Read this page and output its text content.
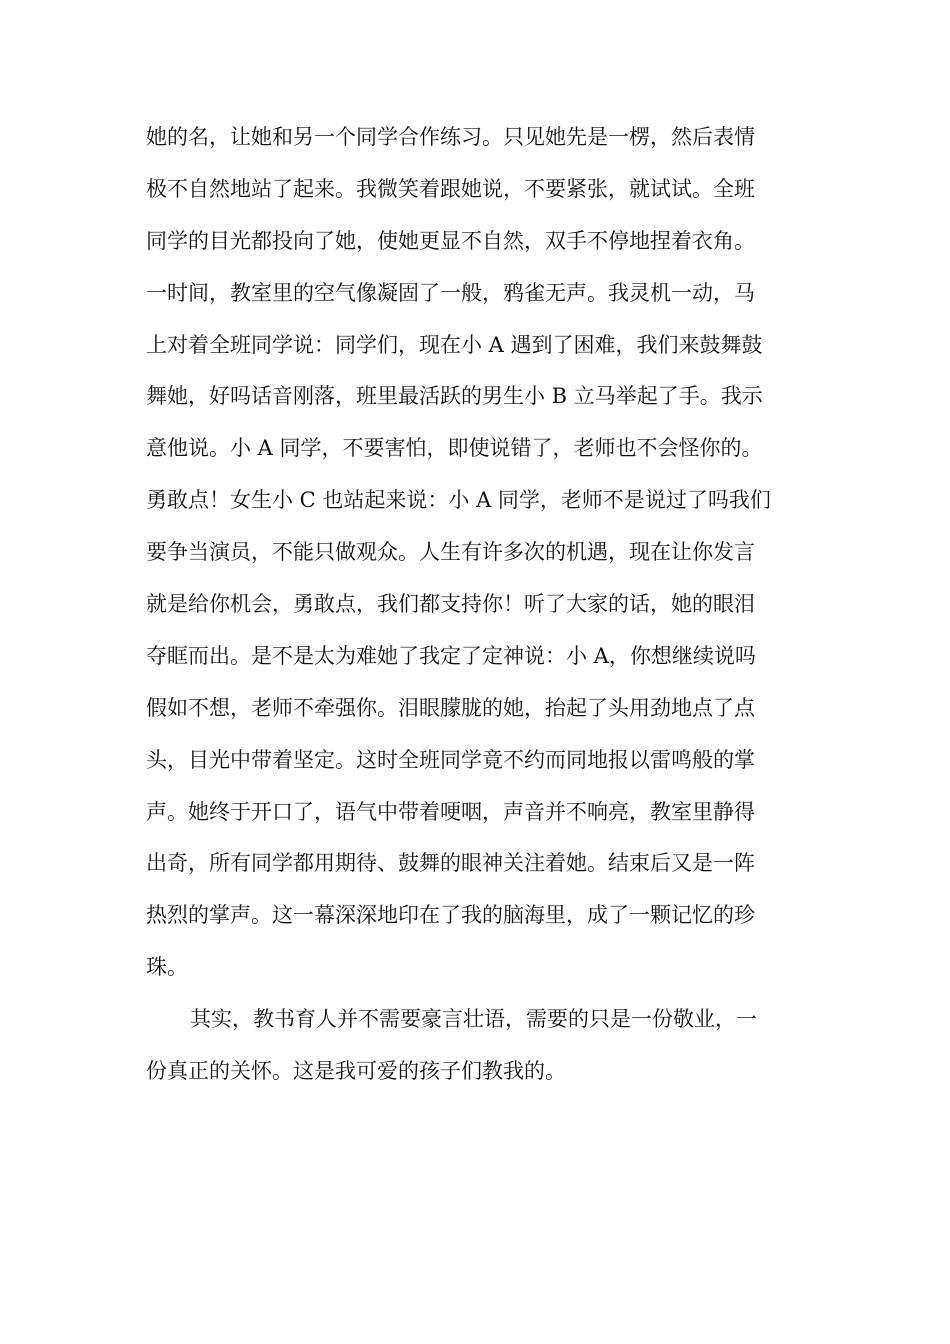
她的名，让她和另一个同学合作练习。只见她先是一楞，然后表情
极不自然地站了起来。我微笑着跟她说，不要紧张，就试试。全班
同学的目光都投向了她，使她更显不自然，双手不停地捏着衣角。
一时间，教室里的空气像凝固了一般，鸦雀无声。我灵机一动，马
上对着全班同学说：同学们，现在小 A 遇到了困难，我们来鼓舞鼓
舞她，好吗话音刚落，班里最活跃的男生小 B 立马举起了手。我示
意他说。小 A 同学，不要害怕，即使说错了，老师也不会怪你的。
勇敢点！女生小 C 也站起来说：小 A 同学，老师不是说过了吗我们
要争当演员，不能只做观众。人生有许多次的机遇，现在让你发言
就是给你机会，勇敢点，我们都支持你！听了大家的话，她的眼泪
夺眶而出。是不是太为难她了我定了定神说：小 A，你想继续说吗
假如不想，老师不牵强你。泪眼朦胧的她，抬起了头用劲地点了点
头，目光中带着坚定。这时全班同学竟不约而同地报以雷鸣般的掌
声。她终于开口了，语气中带着哽咽，声音并不响亮，教室里静得
出奇，所有同学都用期待、鼓舞的眼神关注着她。结束后又是一阵
热烈的掌声。这一幕深深地印在了我的脑海里，成了一颗记忆的珍
珠。
其实，教书育人并不需要豪言壮语，需要的只是一份敬业，一
份真正的关怀。这是我可爱的孩子们教我的。
